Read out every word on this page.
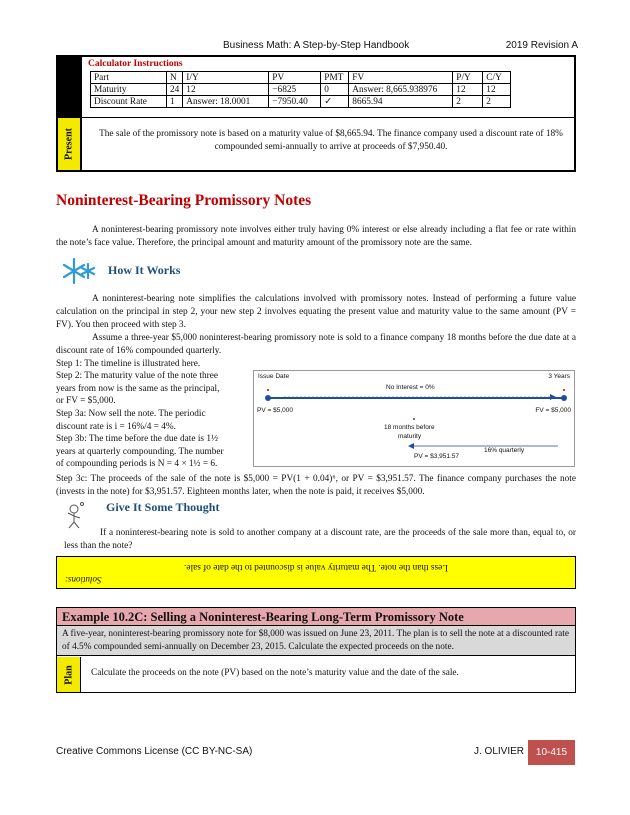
Business Math: A Step-by-Step Handbook	2019 Revision A
Calculator Instructions
Part	N	I/Y	PV	PMT	FV	P/Y	C/Y
Maturity	24	12	−6825	0	Answer: 8,665.938976	12	12
Discount Rate	1	Answer: 18.0001	−7950.40	✓	8665.94	2	2
Present	The sale of the promissory note is based on a maturity value of $8,665.94. The finance company used a discount rate of 18% compounded semi-annually to arrive at proceeds of $7,950.40.
Noninterest-Bearing Promissory Notes

A noninterest-bearing promissory note involves either truly having 0% interest or else already including a flat fee or rate within the note’s face value. Therefore, the principal amount and maturity amount of the promissory note are the same.

How It Works

A noninterest-bearing note simplifies the calculations involved with promissory notes. Instead of performing a future value calculation on the principal in step 2, your new step 2 involves equating the present value and maturity value to the same amount (PV = FV). You then proceed with step 3.

Assume a three-year $5,000 noninterest-bearing promissory note is sold to a finance company 18 months before the due date at a discount rate of 16% compounded quarterly.

Step 1: The timeline is illustrated here.
Step 2: The maturity value of the note three
years from now is the same as the principal,
or FV = $5,000.
Step 3a: Now sell the note. The periodic
discount rate is i = 16%/4 = 4%.
Step 3b: The time before the due date is 1½
years at quarterly compounding. The number
of compounding periods is N = 4 × 1½ = 6.

Step 3c: The proceeds of the sale of the note is $5,000 = PV(1 + 0.04)⁶, or PV = $3,951.57. The finance company purchases the note (invests in the note) for $3,951.57. Eighteen months later, when the note is paid, it receives $5,000.

Issue Date	3 Years
No Interest = 0%
PV = $5,000	FV = $5,000
18 months before
maturity
16% quarterly
PV = $3,951.57
Give It Some Thought

If a noninterest-bearing note is sold to another company at a discount rate, are the proceeds of the sale more than, equal to, or less than the note?

Solutions:
Less than the note. The maturity value is discounted to the date of sale.
Example 10.2C: Selling a Noninterest-Bearing Long-Term Promissory Note
A five-year, noninterest-bearing promissory note for $8,000 was issued on June 23, 2011. The plan is to sell the note at a discounted rate of 4.5% compounded semi-annually on December 23, 2015. Calculate the expected proceeds on the note.
Plan Calculate the proceeds on the note (PV) based on the note’s maturity value and the date of the sale.
Creative Commons License (CC BY-NC-SA)	J. OLIVIER	10-415
